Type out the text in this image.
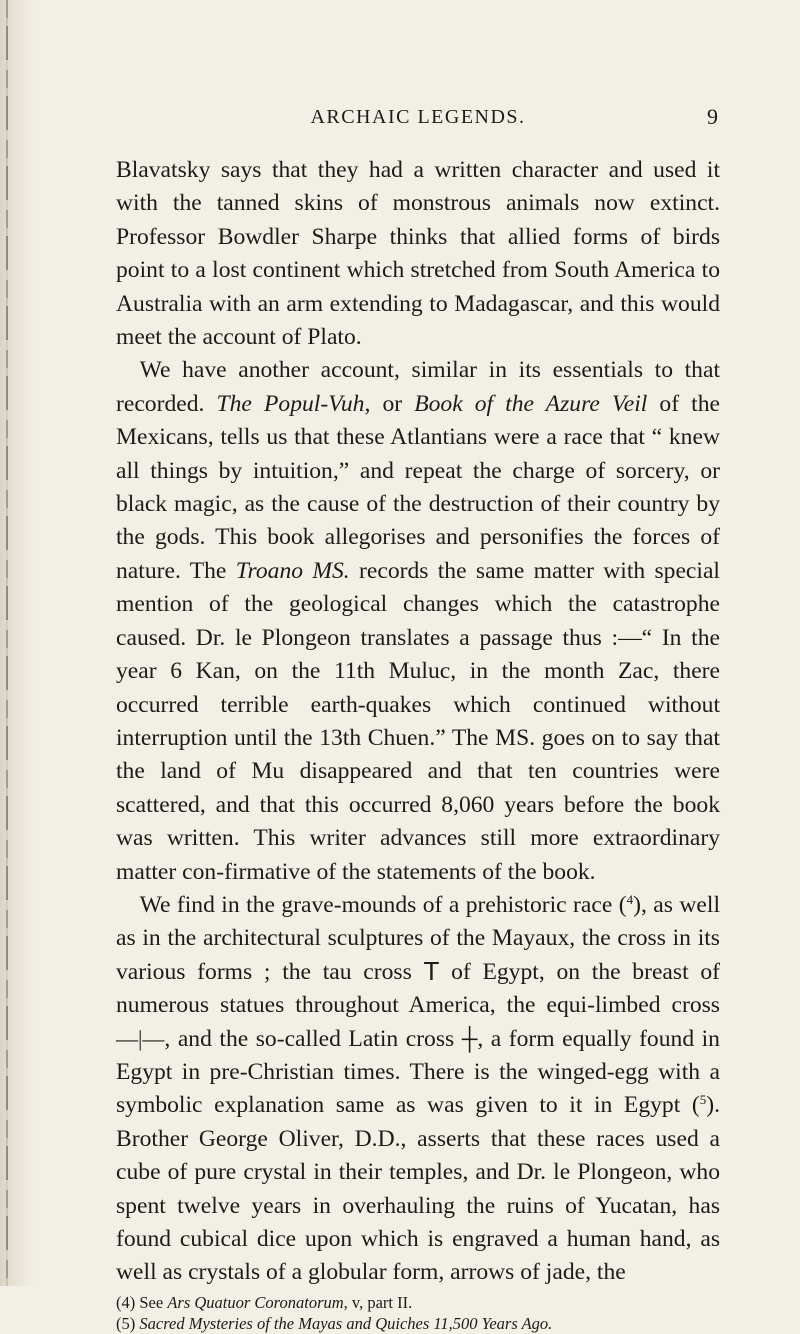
ARCHAIC LEGENDS.	9

Blavatsky says that they had a written character and used it with the tanned skins of monstrous animals now extinct. Professor Bowdler Sharpe thinks that allied forms of birds point to a lost continent which stretched from South America to Australia with an arm extending to Madagascar, and this would meet the account of Plato.

 We have another account, similar in its essentials to that recorded. The Popul-Vuh, or Book of the Azure Veil of the Mexicans, tells us that these Atlantians were a race that “ knew all things by intuition,” and repeat the charge of sorcery, or black magic, as the cause of the destruction of their country by the gods. This book allegorises and personifies the forces of nature. The Troano MS. records the same matter with special mention of the geological changes which the catastrophe caused. Dr. le Plongeon translates a passage thus :—“ In the year 6 Kan, on the 11th Muluc, in the month Zac, there occurred terrible earth-quakes which continued without interruption until the 13th Chuen.” The MS. goes on to say that the land of Mu disappeared and that ten countries were scattered, and that this occurred 8,060 years before the book was written. This writer advances still more extraordinary matter con-firmative of the statements of the book.

 We find in the grave-mounds of a prehistoric race ($^4$), as well as in the architectural sculptures of the Mayaux, the cross in its various forms ; the tau cross T of Egypt, on the breast of numerous statues throughout America, the equi-limbed cross —|—, and the so-called Latin cross ┼, a form equally found in Egypt in pre-Christian times. There is the winged-egg with a symbolic explanation same as was given to it in Egypt ($^5$). Brother George Oliver, D.D., asserts that these races used a cube of pure crystal in their temples, and Dr. le Plongeon, who spent twelve years in overhauling the ruins of Yucatan, has found cubical dice upon which is engraved a human hand, as well as crystals of a globular form, arrows of jade, the

(4) See Ars Quatuor Coronatorum, v, part II.

(5) Sacred Mysteries of the Mayas and Quiches 11,500 Years Ago.
